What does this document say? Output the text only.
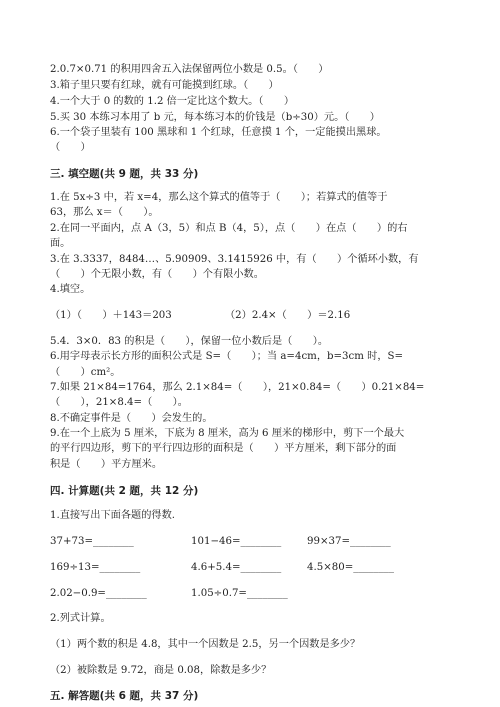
2.0.7×0.71 的积用四舍五入法保留两位小数是 0.5。（　　）

3.箱子里只要有红球，就有可能摸到红球。（　　）

4.一个大于 0 的数的 1.2 倍一定比这个数大。（　　）

5.买 30 本练习本用了 b 元，每本练习本的价钱是（b÷30）元。（　　）

6.一个袋子里装有 100 黑球和 1 个红球，任意摸 1 个，一定能摸出黑球。

（　　）

三. 填空题(共 9 题，共 33 分)

1.在 5x÷3 中，若 x=4，那么这个算式的值等于（　　）；若算式的值等于

63，那么 x＝（　　）。

2.在同一平面内，点 A（3，5）和点 B（4，5），点（　　）在点（　　）的右

面。

3.在 3.3337，8484…、5.90909、3.1415926 中，有（　　）个循环小数，有

（　　）个无限小数，有（　　）个有限小数。

4.填空。

（1）（　　）＋143＝203	（2）2.4×（　　）＝2.16

5.4．3×0．83 的积是（　　），保留一位小数后是（　　）。

6.用字母表示长方形的面积公式是 S=（　　）；当 a=4cm，b=3cm 时，S=

（　　）cm²。

7.如果 21×84=1764，那么 2.1×84=（　　），21×0.84=（　　）0.21×84=

（　　），21×8.4=（　　）。

8.不确定事件是（　　）会发生的。

9.在一个上底为 5 厘米，下底为 8 厘米，高为 6 厘米的梯形中，剪下一个最大

的平行四边形，剪下的平行四边形的面积是（　　）平方厘米，剩下部分的面

积是（　　）平方厘米。

四. 计算题(共 2 题，共 12 分)

1.直接写出下面各题的得数.

37+73=________	101−46=________	99×37=________
169÷13=________	4.6+5.4=________	4.5×80=________
2.02−0.9=________	1.05÷0.7=________

2.列式计算。

（1）两个数的积是 4.8，其中一个因数是 2.5，另一个因数是多少？

（2）被除数是 9.72，商是 0.08，除数是多少？

五. 解答题(共 6 题，共 37 分)
